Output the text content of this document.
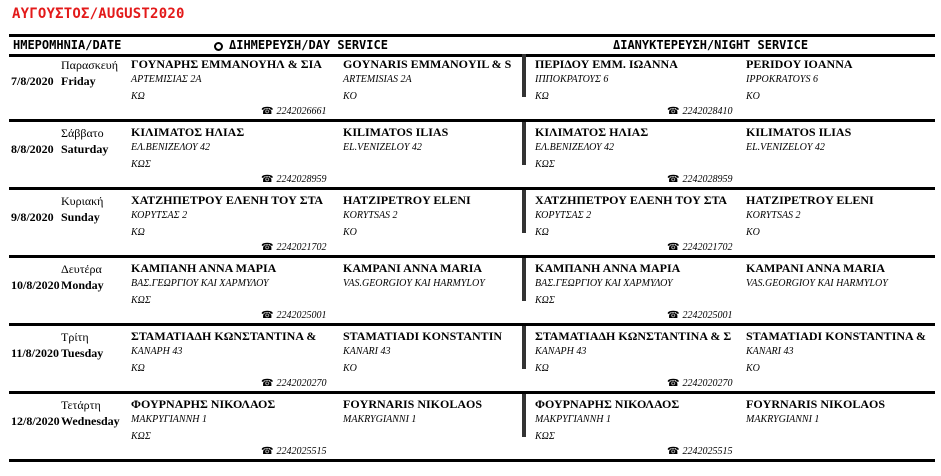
ΑΥΓΟΥΣΤΟΣ/AUGUST2020
ΗΜΕΡΟΜΗΝΙΑ/DATE	ΔΙΗΜΕΡΕΥΣΗ/DAY SERVICE	ΔΙΑΝΥΚΤΕΡΕΥΣΗ/NIGHT SERVICE
7/8/2020
Παρασκευή
Friday
ΓΟΥΝΑΡΗΣ ΕΜΜΑΝΟΥΗΛ & ΣΙΑ
ΑΡΤΕΜΙΣΙΑΣ 2Α
ΚΩ
GOYNARIS EMMANOYIL & S
ARTEMISIAS 2A
KO
☎ 2242026661
ΠΕΡΙΔΟΥ ΕΜΜ. ΙΩΑΝΝΑ
ΙΠΠΟΚΡΑΤΟΥΣ 6
ΚΩ
PERIDOY IOANNA
IPPOKRATOYS 6
KO
☎ 2242028410
8/8/2020
Σάββατο
Saturday
ΚΙΛΙΜΑΤΟΣ ΗΛΙΑΣ
ΕΛ.ΒΕΝΙΖΕΛΟΥ 42
ΚΩΣ
KILIMATOS ILIAS
EL.VENIZELOY 42
☎ 2242028959
ΚΙΛΙΜΑΤΟΣ ΗΛΙΑΣ
ΕΛ.ΒΕΝΙΖΕΛΟΥ 42
ΚΩΣ
KILIMATOS ILIAS
EL.VENIZELOY 42
☎ 2242028959
9/8/2020
Κυριακή
Sunday
ΧΑΤΖΗΠΕΤΡΟΥ ΕΛΕΝΗ ΤΟΥ ΣΤΑ
ΚΟΡΥΤΣΑΣ 2
ΚΩ
HATZIPETROY ELENI
KORYTSAS 2
KO
☎ 2242021702
ΧΑΤΖΗΠΕΤΡΟΥ ΕΛΕΝΗ ΤΟΥ ΣΤΑ
ΚΟΡΥΤΣΑΣ 2
ΚΩ
HATZIPETROY ELENI
KORYTSAS 2
KO
☎ 2242021702
10/8/2020
Δευτέρα
Monday
ΚΑΜΠΑΝΗ ΑΝΝΑ ΜΑΡΙΑ
ΒΑΣ.ΓΕΩΡΓΙΟΥ ΚΑΙ ΧΑΡΜΥΛΟΥ
ΚΩΣ
KAMPANI ANNA MARIA
VAS.GEORGIOY KAI HARMYLOY
☎ 2242025001
ΚΑΜΠΑΝΗ ΑΝΝΑ ΜΑΡΙΑ
ΒΑΣ.ΓΕΩΡΓΙΟΥ ΚΑΙ ΧΑΡΜΥΛΟΥ
ΚΩΣ
KAMPANI ANNA MARIA
VAS.GEORGIOY KAI HARMYLOY
☎ 2242025001
11/8/2020
Τρίτη
Tuesday
ΣΤΑΜΑΤΙΑΔΗ ΚΩΝΣΤΑΝΤΙΝΑ &
ΚΑΝΑΡΗ 43
ΚΩ
STAMATIADI KONSTANTIN
KANARI 43
KO
☎ 2242020270
ΣΤΑΜΑΤΙΑΔΗ ΚΩΝΣΤΑΝΤΙΝΑ & Σ
ΚΑΝΑΡΗ 43
ΚΩ
STAMATIADI KONSTANTINA &
KANARI 43
KO
☎ 2242020270
12/8/2020
Τετάρτη
Wednesday
ΦΟΥΡΝΑΡΗΣ ΝΙΚΟΛΑΟΣ
ΜΑΚΡΥΓΙΑΝΝΗ 1
ΚΩΣ
FOYRNARIS NIKOLAOS
MAKRYGIANNI 1
☎ 2242025515
ΦΟΥΡΝΑΡΗΣ ΝΙΚΟΛΑΟΣ
ΜΑΚΡΥΓΙΑΝΝΗ 1
ΚΩΣ
FOYRNARIS NIKOLAOS
MAKRYGIANNI 1
☎ 2242025515
